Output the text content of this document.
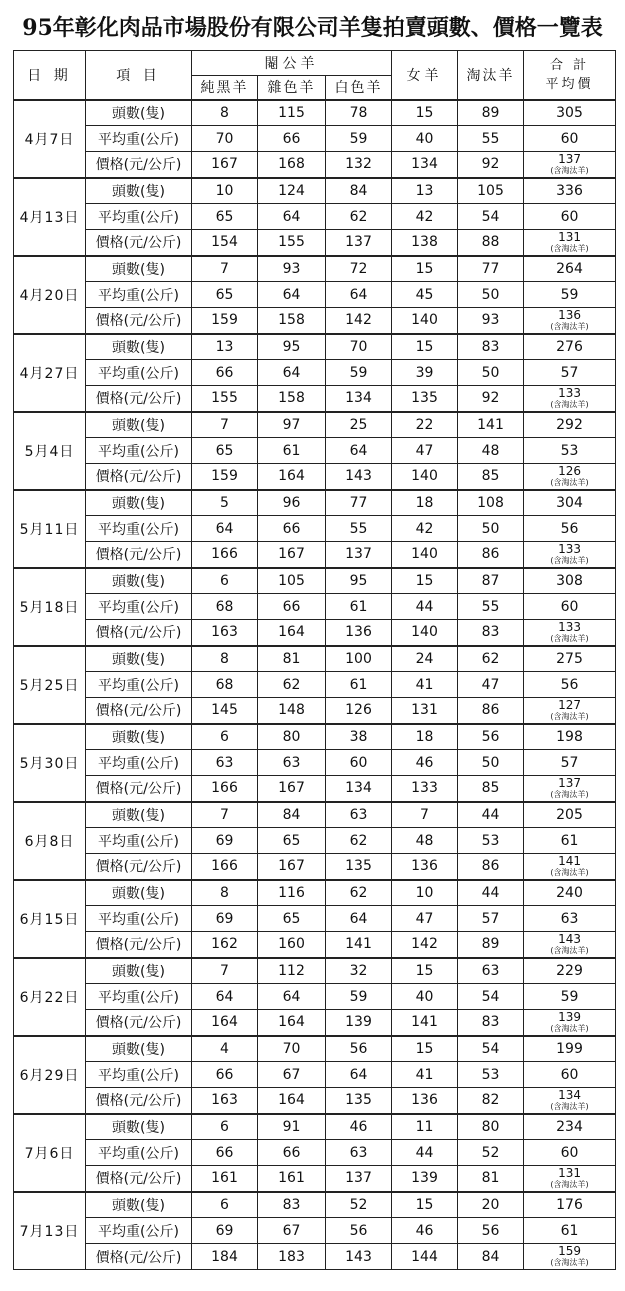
95年彰化肉品市場股份有限公司羊隻拍賣頭數、價格一覽表
日 期	項 目	閹公羊			女羊	淘汰羊	合 計
平均價

		純黑羊	雜色羊	白色羊			
4月7日	頭數(隻)	8	115	78	15	89	305
	平均重(公斤)	70	66	59	40	55	60
	價格(元/公斤)	167	168	132	134	92	137
(含淘汰羊)

4月13日	頭數(隻)	10	124	84	13	105	336
	平均重(公斤)	65	64	62	42	54	60
	價格(元/公斤)	154	155	137	138	88	131
(含淘汰羊)

4月20日	頭數(隻)	7	93	72	15	77	264
	平均重(公斤)	65	64	64	45	50	59
	價格(元/公斤)	159	158	142	140	93	136
(含淘汰羊)

4月27日	頭數(隻)	13	95	70	15	83	276
	平均重(公斤)	66	64	59	39	50	57
	價格(元/公斤)	155	158	134	135	92	133
(含淘汰羊)

5月4日	頭數(隻)	7	97	25	22	141	292
	平均重(公斤)	65	61	64	47	48	53
	價格(元/公斤)	159	164	143	140	85	126
(含淘汰羊)

5月11日	頭數(隻)	5	96	77	18	108	304
	平均重(公斤)	64	66	55	42	50	56
	價格(元/公斤)	166	167	137	140	86	133
(含淘汰羊)

5月18日	頭數(隻)	6	105	95	15	87	308
	平均重(公斤)	68	66	61	44	55	60
	價格(元/公斤)	163	164	136	140	83	133
(含淘汰羊)

5月25日	頭數(隻)	8	81	100	24	62	275
	平均重(公斤)	68	62	61	41	47	56
	價格(元/公斤)	145	148	126	131	86	127
(含淘汰羊)

5月30日	頭數(隻)	6	80	38	18	56	198
	平均重(公斤)	63	63	60	46	50	57
	價格(元/公斤)	166	167	134	133	85	137
(含淘汰羊)

6月8日	頭數(隻)	7	84	63	7	44	205
	平均重(公斤)	69	65	62	48	53	61
	價格(元/公斤)	166	167	135	136	86	141
(含淘汰羊)

6月15日	頭數(隻)	8	116	62	10	44	240
	平均重(公斤)	69	65	64	47	57	63
	價格(元/公斤)	162	160	141	142	89	143
(含淘汰羊)

6月22日	頭數(隻)	7	112	32	15	63	229
	平均重(公斤)	64	64	59	40	54	59
	價格(元/公斤)	164	164	139	141	83	139
(含淘汰羊)

6月29日	頭數(隻)	4	70	56	15	54	199
	平均重(公斤)	66	67	64	41	53	60
	價格(元/公斤)	163	164	135	136	82	134
(含淘汰羊)

7月6日	頭數(隻)	6	91	46	11	80	234
	平均重(公斤)	66	66	63	44	52	60
	價格(元/公斤)	161	161	137	139	81	131
(含淘汰羊)

7月13日	頭數(隻)	6	83	52	15	20	176
	平均重(公斤)	69	67	56	46	56	61
	價格(元/公斤)	184	183	143	144	84	159
(含淘汰羊)
